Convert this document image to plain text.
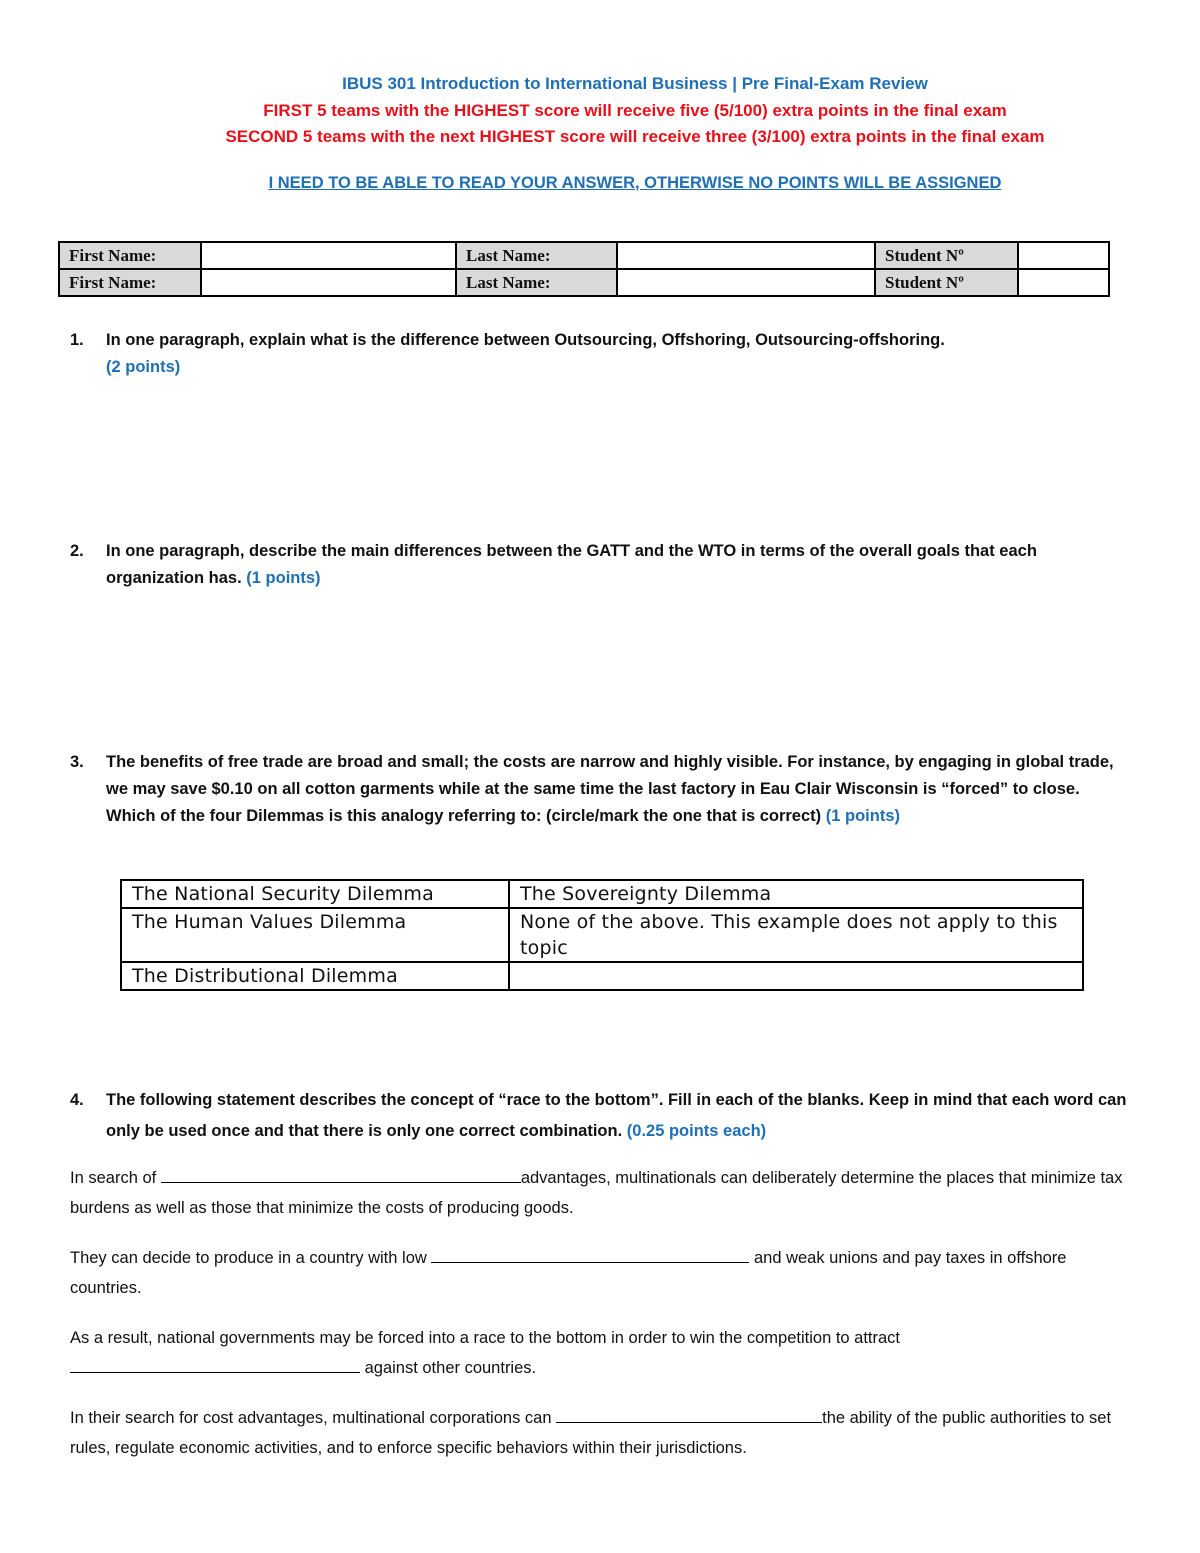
IBUS 301 Introduction to International Business | Pre Final-Exam Review
FIRST 5 teams with the HIGHEST score will receive five (5/100) extra points in the final exam
SECOND 5 teams with the next HIGHEST score will receive three (3/100) extra points in the final exam
I NEED TO BE ABLE TO READ YOUR ANSWER, OTHERWISE NO POINTS WILL BE ASSIGNED
First Name:		Last Name:		Student Nº	
First Name:		Last Name:		Student Nº	
1. In one paragraph, explain what is the difference between Outsourcing, Offshoring, Outsourcing-offshoring.
(2 points)
2. In one paragraph, describe the main differences between the GATT and the WTO in terms of the overall goals that each organization has. (1 points)
3. The benefits of free trade are broad and small; the costs are narrow and highly visible. For instance, by engaging in global trade, we may save $0.10 on all cotton garments while at the same time the last factory in Eau Clair Wisconsin is “forced” to close. Which of the four Dilemmas is this analogy referring to: (circle/mark the one that is correct) (1 points)
The National Security Dilemma	The Sovereignty Dilemma
The Human Values Dilemma	None of the above. This example does not apply to this topic
The Distributional Dilemma	
4. The following statement describes the concept of “race to the bottom”. Fill in each of the blanks. Keep in mind that each word can only be used once and that there is only one correct combination. (0.25 points each)
In search of	advantages, multinationals can deliberately determine the places that minimize tax burdens as well as those that minimize the costs of producing goods.
They can decide to produce in a country with low	and weak unions and pay taxes in offshore countries.
As a result, national governments may be forced into a race to the bottom in order to win the competition to attract
against other countries.
In their search for cost advantages, multinational corporations can	the ability of the public authorities to set rules, regulate economic activities, and to enforce specific behaviors within their jurisdictions.
